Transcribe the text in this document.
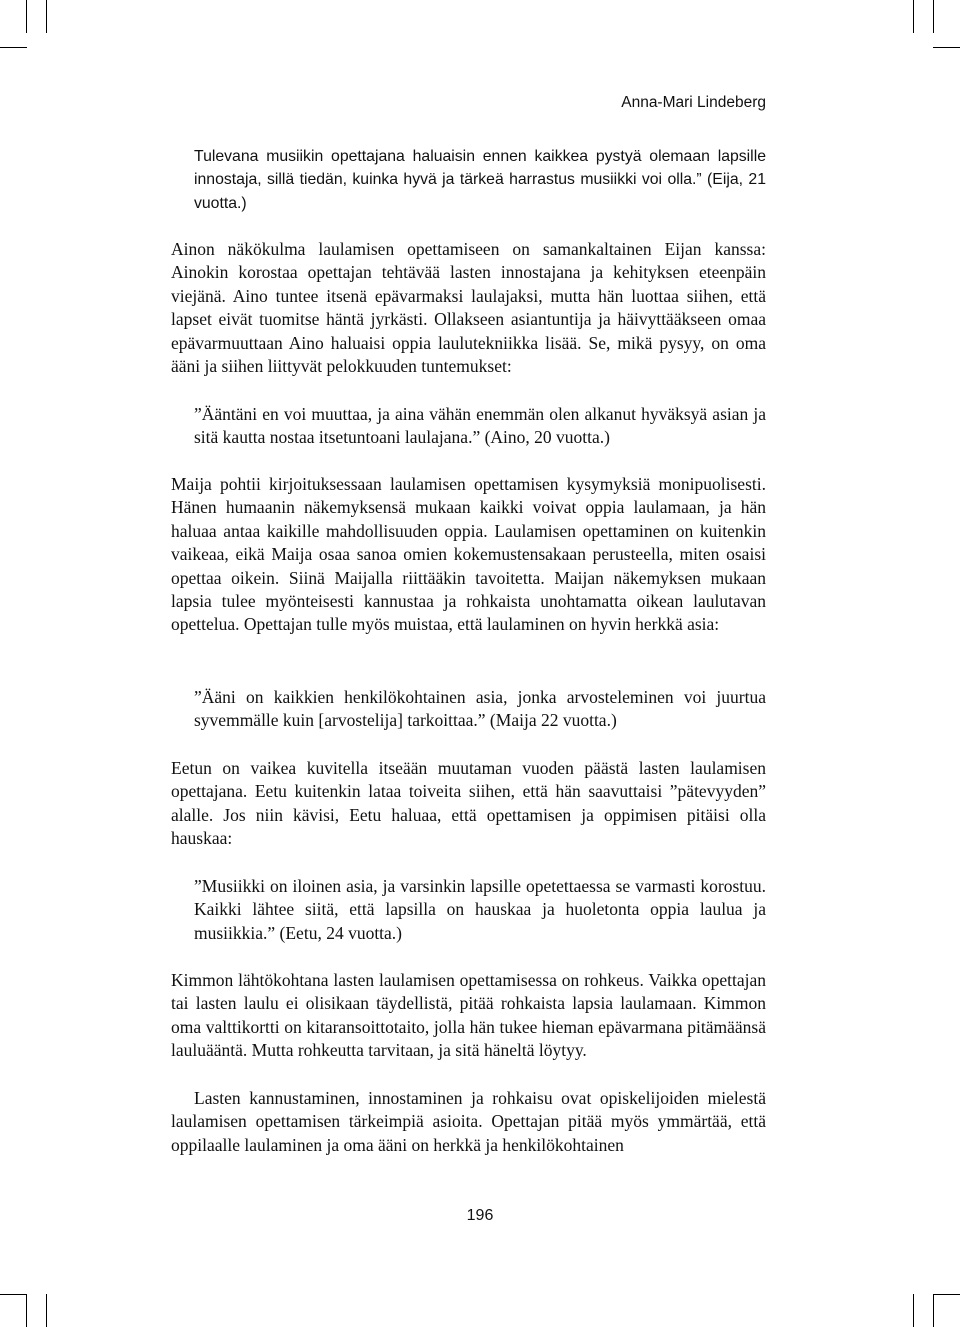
Anna-Mari Lindeberg

Tulevana musiikin opettajana haluaisin ennen kaikkea pystyä olemaan lapsille innostaja, sillä tiedän, kuinka hyvä ja tärkeä harrastus musiikki voi olla.” (Eija, 21 vuotta.)

Ainon näkökulma laulamisen opettamiseen on samankaltainen Eijan kanssa: Ainokin korostaa opettajan tehtävää lasten innostajana ja kehityksen eteenpäin viejänä. Aino tuntee itsenä epävarmaksi laulajaksi, mutta hän luottaa siihen, että lapset eivät tuomitse häntä jyrkästi. Ollakseen asiantuntija ja häivyttääkseen omaa epävarmuuttaan Aino haluaisi oppia laulutekniikka lisää. Se, mikä pysyy, on oma ääni ja siihen liittyvät pelokkuuden tuntemukset:

”Ääntäni en voi muuttaa, ja aina vähän enemmän olen alkanut hyväksyä asian ja sitä kautta nostaa itsetuntoani laulajana.” (Aino, 20 vuotta.)

Maija pohtii kirjoituksessaan laulamisen opettamisen kysymyksiä monipuolisesti. Hänen humaanin näkemyksensä mukaan kaikki voivat oppia laulamaan, ja hän haluaa antaa kaikille mahdollisuuden oppia. Laulamisen opettaminen on kuitenkin vaikeaa, eikä Maija osaa sanoa omien kokemustensakaan perusteella, miten osaisi opettaa oikein. Siinä Maijalla riittääkin tavoitetta. Maijan näkemyksen mukaan lapsia tulee myönteisesti kannustaa ja rohkaista unohtamatta oikean laulutavan opettelua. Opettajan tulle myös muistaa, että laulaminen on hyvin herkkä asia:

”Ääni on kaikkien henkilökohtainen asia, jonka arvosteleminen voi juurtua syvemmälle kuin [arvostelija] tarkoittaa.” (Maija 22 vuotta.)

Eetun on vaikea kuvitella itseään muutaman vuoden päästä lasten laulamisen opettajana. Eetu kuitenkin lataa toiveita siihen, että hän saavuttaisi ”pätevyyden” alalle. Jos niin kävisi, Eetu haluaa, että opettamisen ja oppimisen pitäisi olla hauskaa:

”Musiikki on iloinen asia, ja varsinkin lapsille opetettaessa se varmasti korostuu. Kaikki lähtee siitä, että lapsilla on hauskaa ja huoletonta oppia laulua ja musiikkia.” (Eetu, 24 vuotta.)

Kimmon lähtökohtana lasten laulamisen opettamisessa on rohkeus. Vaikka opettajan tai lasten laulu ei olisikaan täydellistä, pitää rohkaista lapsia laulamaan. Kimmon oma valttikortti on kitaransoittotaito, jolla hän tukee hieman epävarmana pitämäänsä lauluääntä. Mutta rohkeutta tarvitaan, ja sitä häneltä löytyy.

Lasten kannustaminen, innostaminen ja rohkaisu ovat opiskelijoiden mielestä laulamisen opettamisen tärkeimpiä asioita. Opettajan pitää myös ymmärtää, että oppilaalle laulaminen ja oma ääni on herkkä ja henkilökohtainen

196
